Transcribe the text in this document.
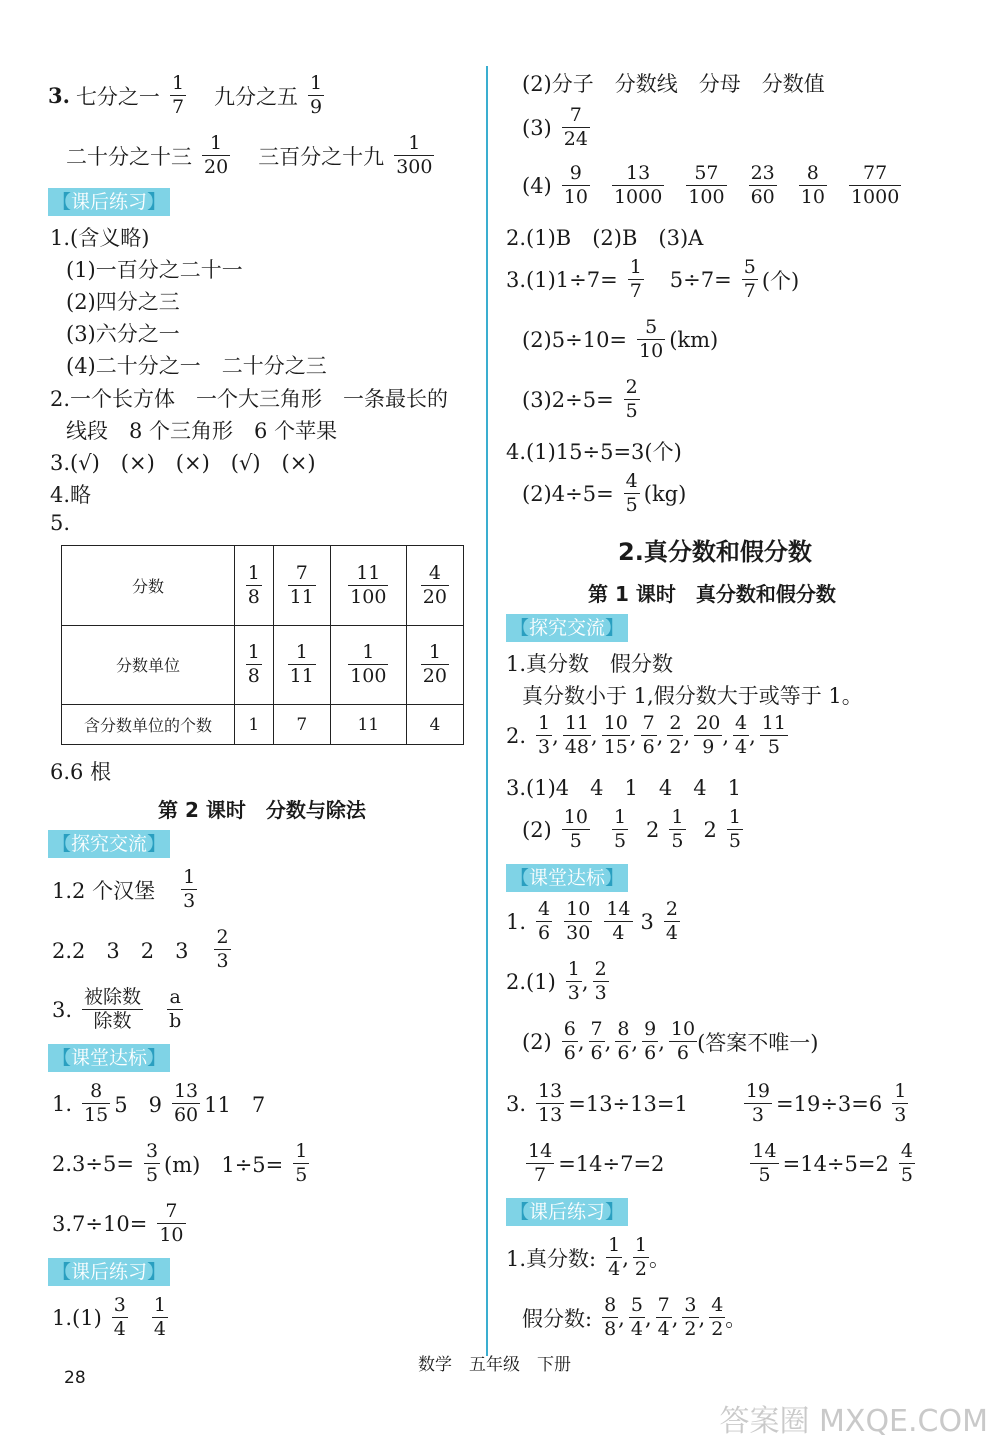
分数	$\frac{1}{8}$	$\frac{7}{11}$	$\frac{11}{100}$	$\frac{4}{20}$

分数单位	$\frac{1}{8}$	$\frac{1}{11}$	$\frac{1}{100}$	$\frac{1}{20}$

含分数单位的个数	1	7	11	4
28
数学　五年级　下册
答案圈 MXQE.COM
3. 七分之一 $\frac{1}{7}$ 九分之五 $\frac{1}{9}$
二十分之十三 $\frac{1}{20}$ 三百分之十九 $\frac{1}{300}$
【课后练习】
1.(含义略)
(1)一百分之二十一
(2)四分之三
(3)六分之一
(4)二十分之一　二十分之三
2.一个长方体　一个大三角形　一条最长的
线段　8 个三角形　6 个苹果
3.(√)　(×)　(×)　(√)　(×)
4.略
5.
6.6 根
第 2 课时　分数与除法
【探究交流】
1.2 个汉堡 $\frac{1}{3}$
2.2　3　2　$3 \frac{2}{3}$
3. $\frac{\text{被除数}}{\text{除数}} \frac{a}{b}$
【课堂达标】
1. $\frac{8}{15} 5$　$9 \frac{13}{60} 11$　7
$2.3\div 5= \frac{3}{5} (m)$　$1\div 5= \frac{1}{5}$
$3.7\div 10= \frac{7}{10}$
【课后练习】
$1.(1) \frac{3}{4} \frac{1}{4}$
(2)分子　分数线　分母　分数值
$(3) \frac{7}{24}$
$(4) \frac{9}{10} \frac{13}{1000} \frac{57}{100} \frac{23}{60} \frac{8}{10} \frac{77}{1000}$
2.(1)B　(2)B　(3)A
$3.(1)1\div 7= \frac{1}{7} 5\div 7= \frac{5}{7}$ (个)
$(2)5\div 10= \frac{5}{10} (km)$
$(3)2\div 5= \frac{2}{5}$
4.(1)15÷5=3(个)
$(2)4\div 5= \frac{4}{5} (kg)$
2.真分数和假分数
第 1 课时　真分数和假分数
【探究交流】
1.真分数　假分数
真分数小于 1,假分数大于或等于 1。
2. $\frac{1}{3}$ , $\frac{11}{48}$ , $\frac{10}{15}$ , $\frac{7}{6}$ , $\frac{2}{2}$ , $\frac{20}{9}$ , $\frac{4}{4}$ , $\frac{11}{5}$
3.(1)4　4　1　4　4　1
$(2) \frac{10}{5} \frac{1}{5} 2 \frac{1}{5} 2 \frac{1}{5}$
【课堂达标】
1. $\frac{4}{6} \frac{10}{30} \frac{14}{4} 3 \frac{2}{4}$
$2.(1) \frac{1}{3}$ , $\frac{2}{3}$
$(2) \frac{6}{6}$ , $\frac{7}{6}$ , $\frac{8}{6}$ , $\frac{9}{6}$ , $\frac{10}{6}$ (答案不唯一)
3. $\frac{13}{13} =13\div 13=1$	$\frac{19}{3} =19\div 3=6 \frac{1}{3}$
$\frac{14}{7} =14\div 7=2$	$\frac{14}{5} =14\div 5=2 \frac{4}{5}$
【课后练习】
1.真分数: $\frac{1}{4}$ , $\frac{1}{2}$ 。
假分数: $\frac{8}{8}$ , $\frac{5}{4}$ , $\frac{7}{4}$ , $\frac{3}{2}$ , $\frac{4}{2}$ 。
